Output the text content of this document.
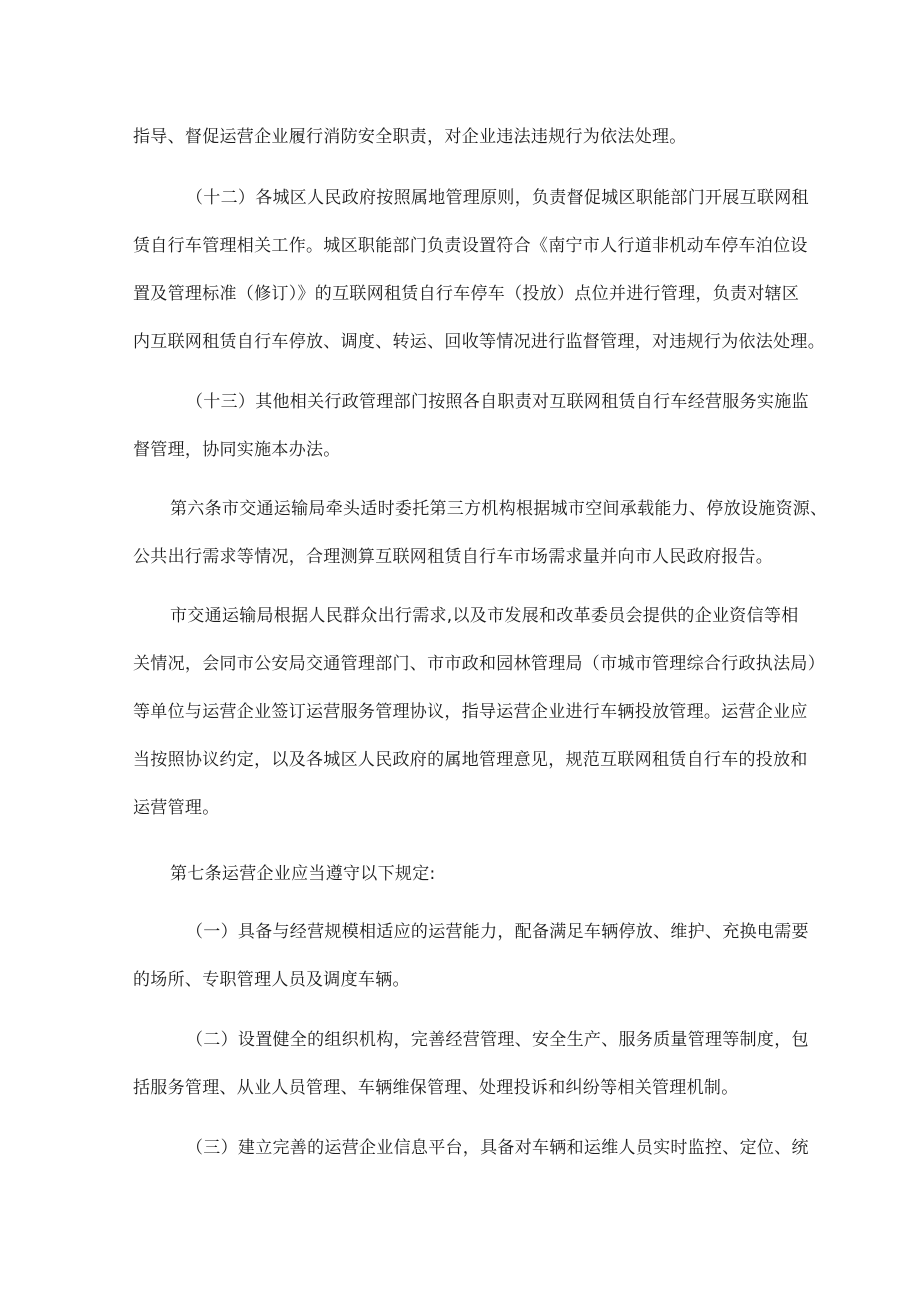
指导、督促运营企业履行消防安全职责，对企业违法违规行为依法处理。
（十二）各城区人民政府按照属地管理原则，负责督促城区职能部门开展互联网租
赁自行车管理相关工作。城区职能部门负责设置符合《南宁市人行道非机动车停车泊位设
置及管理标准（修订）》的互联网租赁自行车停车（投放）点位并进行管理，负责对辖区
内互联网租赁自行车停放、调度、转运、回收等情况进行监督管理，对违规行为依法处理。
（十三）其他相关行政管理部门按照各自职责对互联网租赁自行车经营服务实施监
督管理，协同实施本办法。
第六条市交通运输局牵头适时委托第三方机构根据城市空间承载能力、停放设施资源、
公共出行需求等情况，合理测算互联网租赁自行车市场需求量并向市人民政府报告。
市交通运输局根据人民群众出行需求,以及市发展和改革委员会提供的企业资信等相
关情况，会同市公安局交通管理部门、市市政和园林管理局（市城市管理综合行政执法局）
等单位与运营企业签订运营服务管理协议，指导运营企业进行车辆投放管理。运营企业应
当按照协议约定，以及各城区人民政府的属地管理意见，规范互联网租赁自行车的投放和
运营管理。
第七条运营企业应当遵守以下规定:
（一）具备与经营规模相适应的运营能力，配备满足车辆停放、维护、充换电需要
的场所、专职管理人员及调度车辆。
（二）设置健全的组织机构，完善经营管理、安全生产、服务质量管理等制度，包
括服务管理、从业人员管理、车辆维保管理、处理投诉和纠纷等相关管理机制。
（三）建立完善的运营企业信息平台，具备对车辆和运维人员实时监控、定位、统
